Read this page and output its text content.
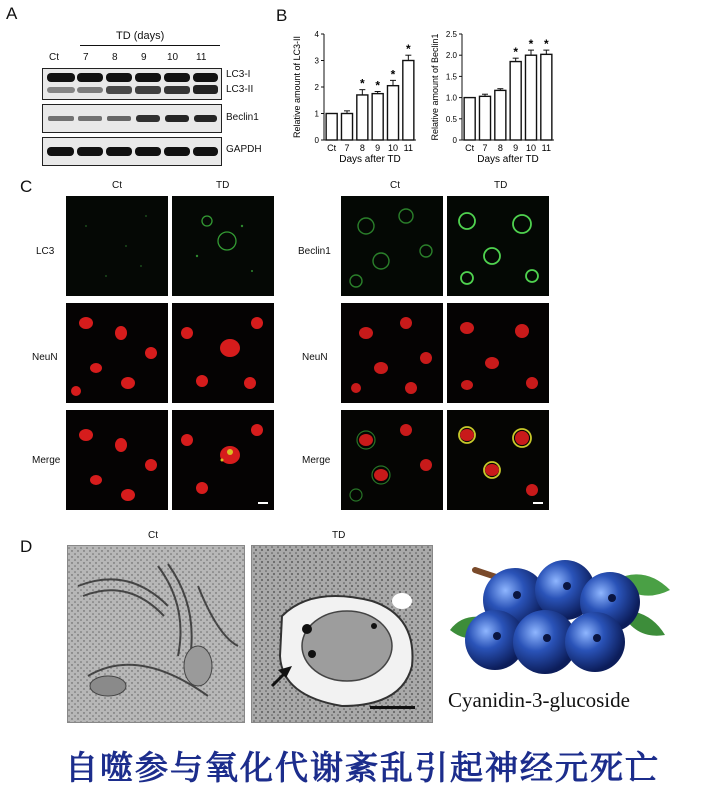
A
TD (days)
Ct 7 8 9 10 11
LC3-I
LC3-II
Beclin1
GAPDH
B
0
1
2
3
4
Ct 7
*
8
*
9
*
10
*
11
Days after TD
Relative amount of LC3-II
0
0.5
1.0
1.5
2.0
2.5
Ct 7 8
*
9
*
10
*
11
Days after TD
Relative amount of Beclin1
C	Ct	TD
LC3
NeuN
Merge
Ct	TD
Beclin1
NeuN
Merge
D
Ct	TD
Cyanidin-3-glucoside
自噬参与氧化代谢紊乱引起神经元死亡
